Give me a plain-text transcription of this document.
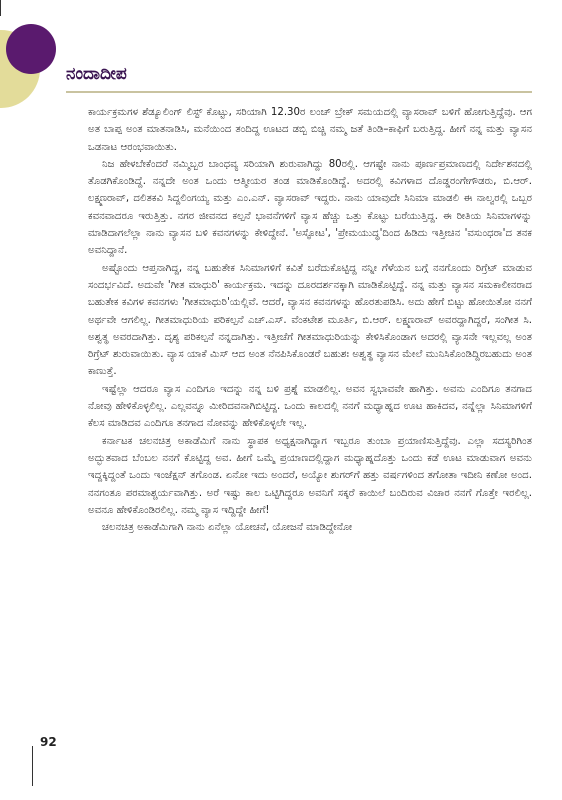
ನಂದಾದೀಪ

ಕಾರ್ಯಕ್ರಮಗಳ ಶೆಡ್ಯೂಲಿಂಗ್ ಲಿಸ್ಟ್ ಕೊಟ್ಟು, ಸರಿಯಾಗಿ 12.30ರ ಲಂಚ್ ಬ್ರೇಕ್ ಸಮಯದಲ್ಲಿ ವ್ಯಾಸರಾವ್ ಬಳಿಗೆ ಹೋಗುತ್ತಿದ್ದೆವು. ಆಗ ಅತ ಬಾಪ್ಪ ಅಂತ ಮಾತನಾಡಿಸಿ, ಮನೆಯಿಂದ ತಂದಿದ್ದ ಊಟದ ಡಬ್ಬಿ ಬಿಚ್ಚಿ ನಮ್ಮ ಜತೆ ತಿಂಡಿ–ಕಾಫಿಗೆ ಬರುತ್ತಿದ್ದ. ಹೀಗೆ ನನ್ನ ಮತ್ತು ವ್ಯಾಸನ ಒಡನಾಟ ಆರಂಭವಾಯಿತು.

ನಿಜ ಹೇಳಬೇಕೆಂದರೆ ನಮ್ಮಿಬ್ಬರ ಬಾಂಧವ್ಯ ಸರಿಯಾಗಿ ಶುರುವಾಗಿದ್ದು 80ರಲ್ಲಿ. ಆಗಷ್ಟೇ ನಾನು ಪೂರ್ಣಪ್ರಮಾಣದಲ್ಲಿ ನಿರ್ದೇಶನದಲ್ಲಿ ತೊಡಗಿಕೊಂಡಿದ್ದೆ. ನನ್ನದೇ ಅಂತ ಒಂದು ಆತ್ಮೀಯರ ತಂಡ ಮಾಡಿಕೊಂಡಿದ್ದೆ. ಅದರಲ್ಲಿ ಕವಿಗಳಾದ ದೊಡ್ಡರಂಗೇಗೌಡರು, ಬಿ.ಆರ್. ಲಕ್ಷ್ಮಣರಾವ್, ದಲಿತಕವಿ ಸಿದ್ದಲಿಂಗಯ್ಯ ಮತ್ತು ಎಂ.ಎನ್. ವ್ಯಾಸರಾವ್ ಇದ್ದರು. ನಾನು ಯಾವುದೇ ಸಿನಿಮಾ ಮಾಡಲಿ ಈ ನಾಲ್ವರಲ್ಲಿ ಒಬ್ಬರ ಕವನವಾದರೂ ಇರುತ್ತಿತ್ತು. ನಗರ ಜೀವನದ ಕಲ್ಪನೆ ಭಾವನೆಗಳಿಗೆ ವ್ಯಾಸ ಹೆಚ್ಚು ಒತ್ತು ಕೊಟ್ಟು ಬರೆಯುತ್ತಿದ್ದ. ಈ ರೀತಿಯ ಸಿನಿಮಾಗಳನ್ನು ಮಾಡಿದಾಗಲೆಲ್ಲಾ ನಾನು ವ್ಯಾಸನ ಬಳಿ ಕವನಗಳನ್ನು ಕೇಳಿದ್ದೇನೆ. 'ಅಸ್ಫೋಟ', 'ಪ್ರೇಮಯುದ್ಧ'ದಿಂದ ಹಿಡಿದು ಇತ್ತೀಚಿನ 'ವಸುಂಧರಾ'ದ ತನಕ ಅವನಿದ್ದಾನೆ.

ಅಷ್ಟೊಂದು ಆಪ್ತನಾಗಿದ್ದ, ನನ್ನ ಬಹುತೇಕ ಸಿನಿಮಾಗಳಿಗೆ ಕವಿತೆ ಬರೆದುಕೊಟ್ಟಿದ್ದ ನನ್ನೀ ಗೆಳೆಯನ ಬಗ್ಗೆ ನನಗೊಂದು ರಿಗ್ರೆಟ್ ಮಾಡುವ ಸಂದರ್ಭವಿದೆ. ಅದುವೇ 'ಗೀತ ಮಾಧುರಿ' ಕಾರ್ಯಕ್ರಮ. ಇದನ್ನು ದೂರದರ್ಶನಕ್ಕಾಗಿ ಮಾಡಿಕೊಟ್ಟಿದ್ದೆ. ನನ್ನ ಮತ್ತು ವ್ಯಾಸನ ಸಮಕಾಲೀನರಾದ ಬಹುತೇಕ ಕವಿಗಳ ಕವನಗಳು 'ಗೀತಮಾಧುರಿ'ಯಲ್ಲಿವೆ. ಆದರೆ, ವ್ಯಾಸನ ಕವನಗಳನ್ನು ಹೊರತುಪಡಿಸಿ. ಅದು ಹೇಗೆ ಬಿಟ್ಟು ಹೋಯಿತೋ ನನಗೆ ಅರ್ಥವೇ ಆಗಲಿಲ್ಲ. ಗೀತಮಾಧುರಿಯ ಪರಿಕಲ್ಪನೆ ಎಚ್.ಎಸ್. ವೆಂಕಟೇಶ ಮೂರ್ತಿ, ಬಿ.ಆರ್. ಲಕ್ಷ್ಮಣರಾವ್ ಅವರದ್ದಾಗಿದ್ದರೆ, ಸಂಗೀತ ಸಿ. ಅಶ್ವತ್ಥ ಅವರದಾಗಿತ್ತು. ದೃಶ್ಯ ಪರಿಕಲ್ಪನೆ ನನ್ನದಾಗಿತ್ತು. ಇತ್ತೀಚೆಗೆ ಗೀತಮಾಧುರಿಯನ್ನು ಕೇಳಿಸಿಕೊಂಡಾಗ ಅದರಲ್ಲಿ ವ್ಯಾಸನೇ ಇಲ್ಲವಲ್ಲ ಅಂತ ರಿಗ್ರೆಟ್ ಶುರುವಾಯಿತು. ವ್ಯಾಸ ಯಾಕೆ ಮಿಸ್ ಆದ ಅಂತ ನೆನಪಿಸಿಕೊಂಡರೆ ಬಹುಶಃ ಅಶ್ವತ್ಥ ವ್ಯಾಸನ ಮೇಲೆ ಮುನಿಸಿಕೊಂಡಿದ್ದಿರಬಹುದು ಅಂತ ಕಾಣುತ್ತೆ.

ಇಷ್ಟೆಲ್ಲಾ ಆದರೂ ವ್ಯಾಸ ಎಂದಿಗೂ ಇದನ್ನು ನನ್ನ ಬಳಿ ಪ್ರಶ್ನೆ ಮಾಡಲಿಲ್ಲ. ಅವನ ಸ್ವಭಾವವೇ ಹಾಗಿತ್ತು. ಅವನು ಎಂದಿಗೂ ತನಗಾದ ನೋವು ಹೇಳಿಕೊಳ್ಳಲಿಲ್ಲ. ಎಲ್ಲವನ್ನೂ ಮೀರಿದವನಾಗಿಬಿಟ್ಟಿದ್ದ. ಒಂದು ಕಾಲದಲ್ಲಿ ನನಗೆ ಮಧ್ಯಾಹ್ನದ ಊಟ ಹಾಕಿದವ, ನನ್ನೆಲ್ಲಾ ಸಿನಿಮಾಗಳಿಗೆ ಕೆಲಸ ಮಾಡಿದವ ಎಂದಿಗೂ ತನಗಾದ ನೋವನ್ನು ಹೇಳಿಕೊಳ್ಳಲೇ ಇಲ್ಲ.

ಕರ್ನಾಟಕ ಚಲನಚಿತ್ರ ಅಕಾಡೆಮಿಗೆ ನಾನು ಸ್ಥಾಪಕ ಅಧ್ಯಕ್ಷನಾಗಿದ್ದಾಗ ಇಬ್ಬರೂ ತುಂಬಾ ಪ್ರಯಾಣಿಸುತ್ತಿದ್ದೆವು. ಎಲ್ಲಾ ಸದಸ್ಯರಿಗಿಂತ ಅದ್ಭುತವಾದ ಬೆಂಬಲ ನನಗೆ ಕೊಟ್ಟಿದ್ದ ಅವ. ಹೀಗೆ ಒಮ್ಮೆ ಪ್ರಯಾಣದಲ್ಲಿದ್ದಾಗ ಮಧ್ಯಾಹ್ನದೊತ್ತು ಒಂದು ಕಡೆ ಊಟ ಮಾಡುವಾಗ ಅವನು ಇದ್ದಕ್ಕಿದ್ದಂತೆ ಒಂದು ಇಂಜೆಕ್ಷನ್ ತಗೊಂಡ. ಏನೋ ಇದು ಅಂದರೆ, ಅಯ್ಯೋ ಶುಗರ್‌ಗೆ ಹತ್ತು ವರ್ಷಗಳಿಂದ ತಗೋತಾ ಇದೀನಿ ಕಣೋ ಅಂದ. ನನಗಂತೂ ಪರಮಾಶ್ಚರ್ಯವಾಗಿತ್ತು. ಅರೆ ಇಷ್ಟು ಕಾಲ ಒಟ್ಟಿಗಿದ್ದರೂ ಅವನಿಗೆ ಸಕ್ಕರೆ ಕಾಯಿಲೆ ಬಂದಿರುವ ವಿಚಾರ ನನಗೆ ಗೊತ್ತೇ ಇರಲಿಲ್ಲ. ಅವನೂ ಹೇಳಿಕೊಂಡಿರಲಿಲ್ಲ. ನಮ್ಮ ವ್ಯಾಸ ಇದ್ದಿದ್ದೇ ಹೀಗೆ!

ಚಲನಚಿತ್ರ ಅಕಾಡೆಮಿಗಾಗಿ ನಾನು ಏನೆಲ್ಲಾ ಯೋಚನೆ, ಯೋಜನೆ ಮಾಡಿದ್ದೇನೋ

92
